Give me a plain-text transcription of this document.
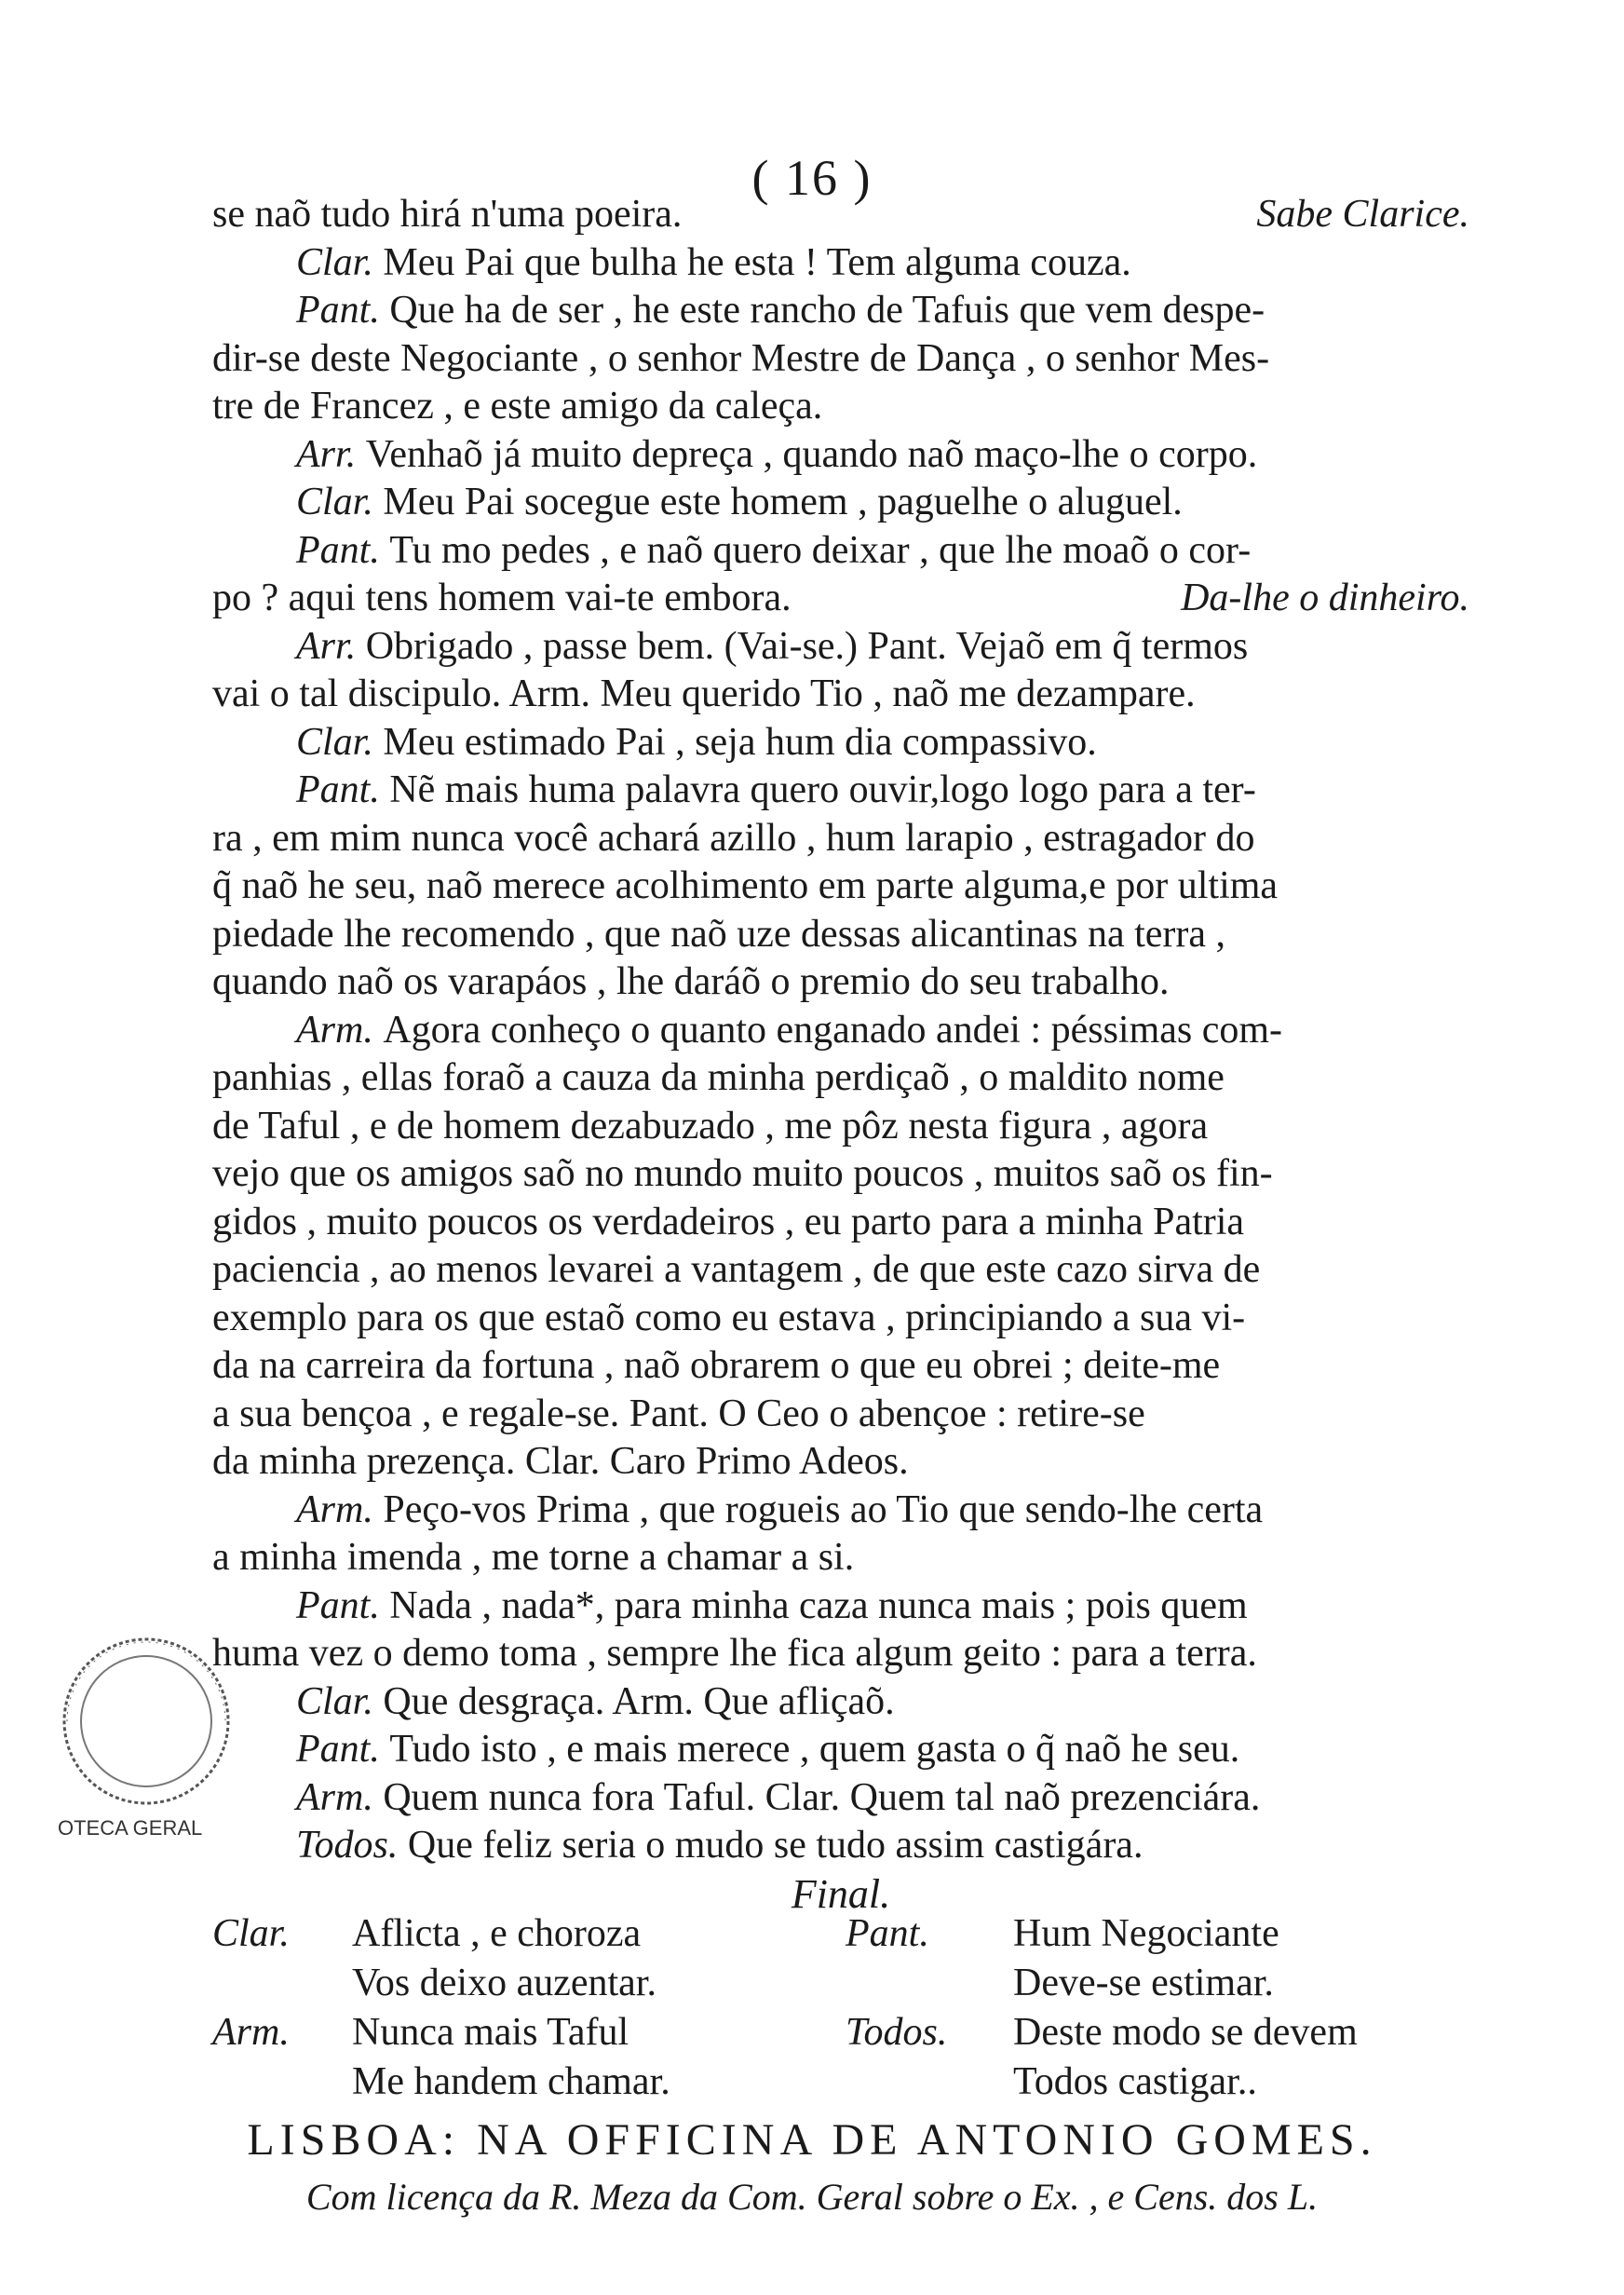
( 16 )
se naõ tudo hirá n'uma poeira.	Sabe Clarice.
Clar. Meu Pai que bulha he esta ! Tem alguma couza.
Pant. Que ha de ser , he este rancho de Tafuis que vem despe-
dir-se deste Negociante , o senhor Mestre de Dança , o senhor Mes-
tre de Francez , e este amigo da caleça.
Arr. Venhaõ já muito depreça , quando naõ maço-lhe o corpo.
Clar. Meu Pai socegue este homem , paguelhe o aluguel.
Pant. Tu mo pedes , e naõ quero deixar , que lhe moaõ o cor-
po ? aqui tens homem vai-te embora.	Da-lhe o dinheiro.
Arr. Obrigado , passe bem. (Vai-se.) Pant. Vejaõ em q̃ termos
vai o tal discipulo. Arm. Meu querido Tio , naõ me dezampare.
Clar. Meu estimado Pai , seja hum dia compassivo.
Pant. Nẽ mais huma palavra quero ouvir,logo logo para a ter-
ra , em mim nunca você achará azillo , hum larapio , estragador do
q̃ naõ he seu, naõ merece acolhimento em parte alguma,e por ultima
piedade lhe recomendo , que naõ uze dessas alicantinas na terra ,
quando naõ os varapáos , lhe daráõ o premio do seu trabalho.
Arm. Agora conheço o quanto enganado andei : péssimas com-
panhias , ellas foraõ a cauza da minha perdiçaõ , o maldito nome
de Taful , e de homem dezabuzado , me pôz nesta figura , agora
vejo que os amigos saõ no mundo muito poucos , muitos saõ os fin-
gidos , muito poucos os verdadeiros , eu parto para a minha Patria
paciencia , ao menos levarei a vantagem , de que este cazo sirva de
exemplo para os que estaõ como eu estava , principiando a sua vi-
da na carreira da fortuna , naõ obrarem o que eu obrei ; deite-me
a sua bençoa , e regale-se. Pant. O Ceo o abençoe : retire-se
da minha prezença. Clar. Caro Primo Adeos.
Arm. Peço-vos Prima , que rogueis ao Tio que sendo-lhe certa
a minha imenda , me torne a chamar a si.
Pant. Nada , nada*, para minha caza nunca mais ; pois quem
huma vez o demo toma , sempre lhe fica algum geito : para a terra.
Clar. Que desgraça. Arm. Que afliçaõ.
Pant. Tudo isto , e mais merece , quem gasta o q̃ naõ he seu.
Arm. Quem nunca fora Taful. Clar. Quem tal naõ prezenciára.
Todos. Que feliz seria o mudo se tudo assim castigára.
Final.
Clar. Aflicta , e choroza	Pant. Hum Negociante
Vos deixo auzentar.	Deve-se estimar.
Arm. Nunca mais Taful	Todos. Deste modo se devem
Me handem chamar.	Todos castigar..
LISBOA: NA OFFICINA DE ANTONIO GOMES.
Com licença da R. Meza da Com. Geral sobre o Ex. , e Cens. dos L.
OTECA GERAL
